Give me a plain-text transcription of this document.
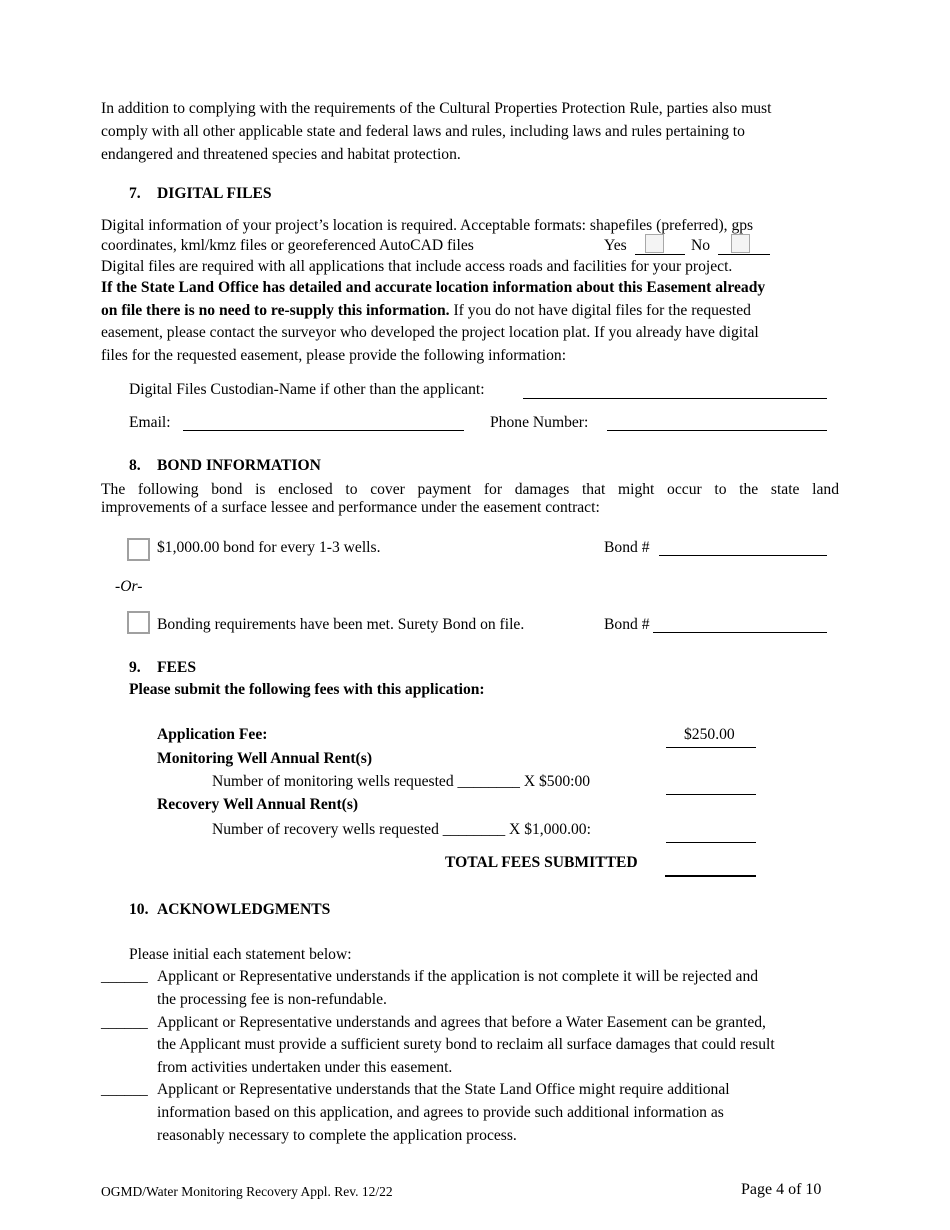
In addition to complying with the requirements of the Cultural Properties Protection Rule, parties also must
comply with all other applicable state and federal laws and rules, including laws and rules pertaining to
endangered and threatened species and habitat protection.
7. DIGITAL FILES
Digital information of your project’s location is required. Acceptable formats: shapefiles (preferred), gps
coordinates, kml/kmz files or georeferenced AutoCAD files	Yes	No
Digital files are required with all applications that include access roads and facilities for your project.
If the State Land Office has detailed and accurate location information about this Easement already
on file there is no need to re-supply this information. If you do not have digital files for the requested
easement, please contact the surveyor who developed the project location plat. If you already have digital
files for the requested easement, please provide the following information:
Digital Files Custodian-Name if other than the applicant:
Email:	Phone Number:
8. BOND INFORMATION
The following bond is enclosed to cover payment for damages that might occur to the state land
improvements of a surface lessee and performance under the easement contract:
$1,000.00 bond for every 1-3 wells.	Bond #
-Or-
Bonding requirements have been met. Surety Bond on file.	Bond #
9. FEES
Please submit the following fees with this application:
Application Fee:	$250.00
Monitoring Well Annual Rent(s)
Number of monitoring wells requested ________ X $500:00
Recovery Well Annual Rent(s)
Number of recovery wells requested ________ X $1,000.00:
TOTAL FEES SUBMITTED
10. ACKNOWLEDGMENTS
Please initial each statement below:
______ Applicant or Representative understands if the application is not complete it will be rejected and
the processing fee is non-refundable.
______ Applicant or Representative understands and agrees that before a Water Easement can be granted,
the Applicant must provide a sufficient surety bond to reclaim all surface damages that could result
from activities undertaken under this easement.
______ Applicant or Representative understands that the State Land Office might require additional
information based on this application, and agrees to provide such additional information as
reasonably necessary to complete the application process.
OGMD/Water Monitoring Recovery Appl. Rev. 12/22	Page 4 of 10
